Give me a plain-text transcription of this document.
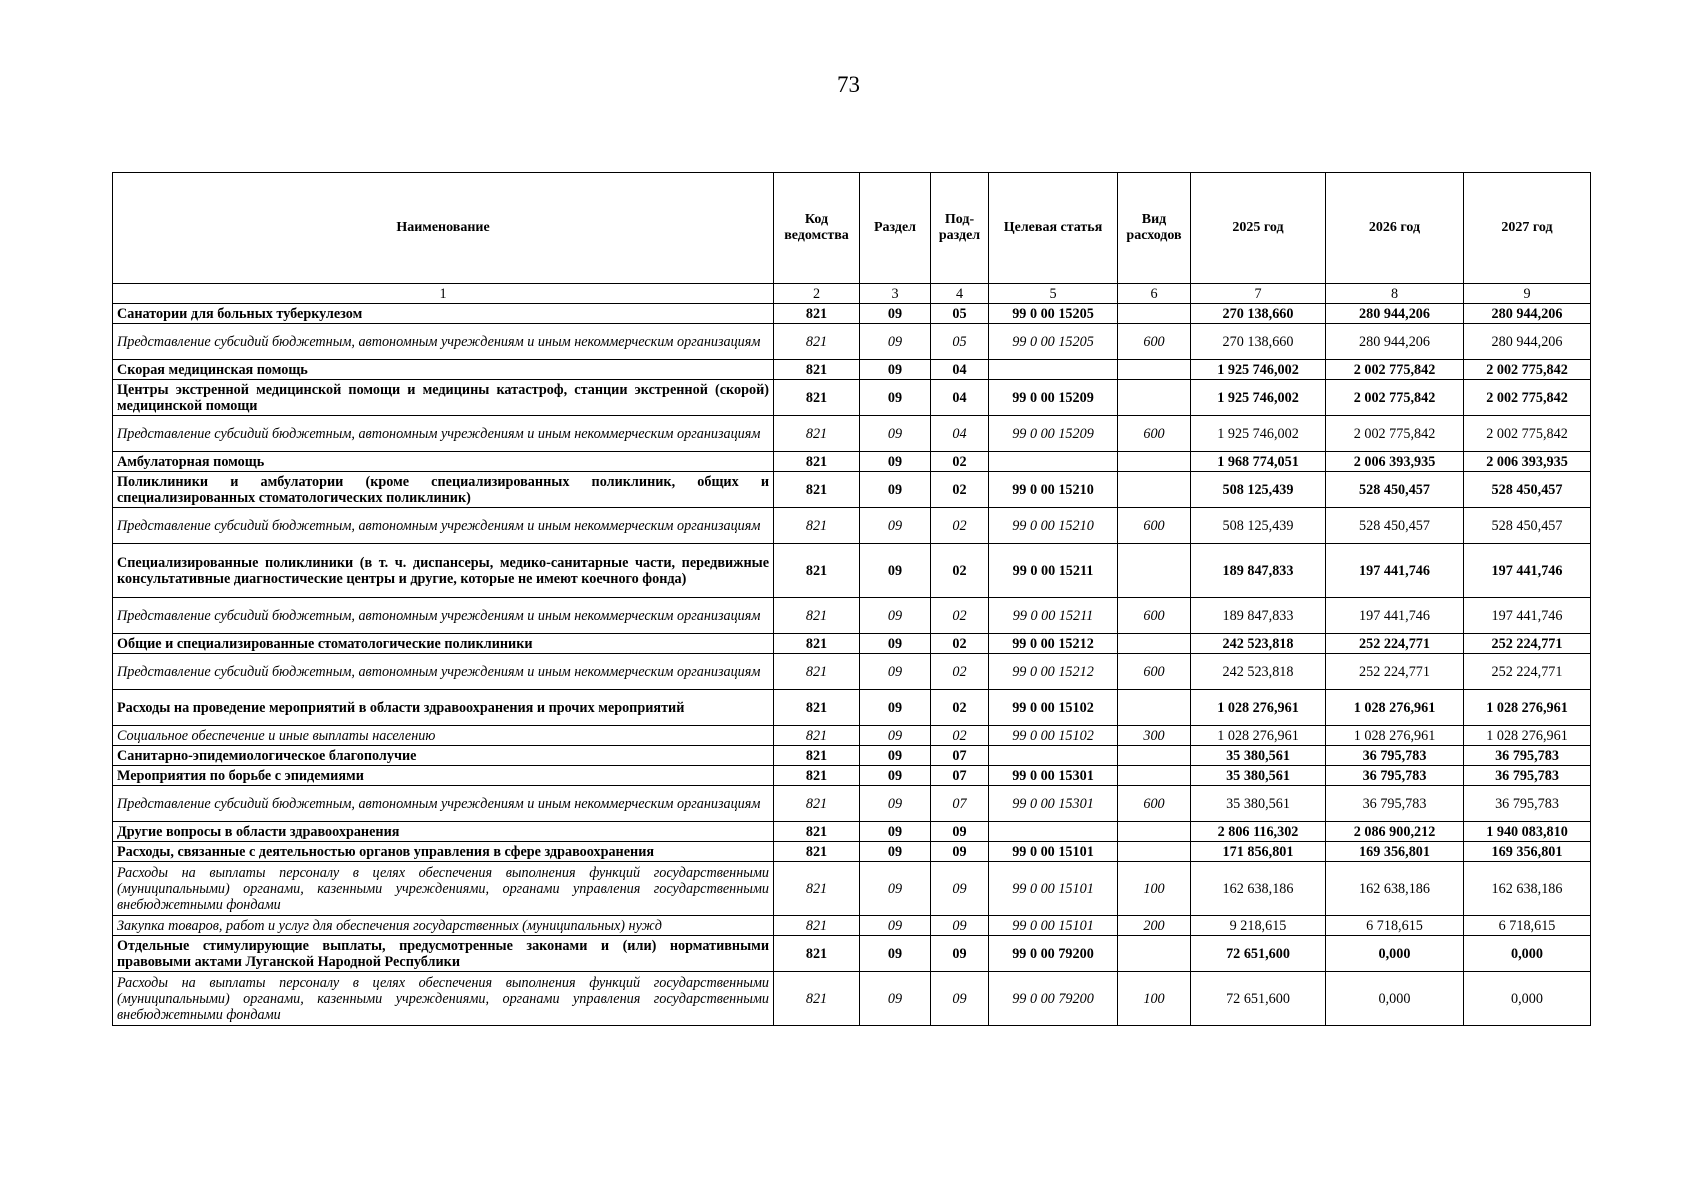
73
Наименование	Код ведомства	Раздел	Под-раздел	Целевая статья	Вид расходов	2025 год	2026 год	2027 год
1	2	3	4	5	6	7	8	9
Санатории для больных туберкулезом	821	09	05	99 0 00 15205		270 138,660	280 944,206	280 944,206
Представление субсидий бюджетным, автономным учреждениям и иным некоммерческим организациям	821	09	05	99 0 00 15205	600	270 138,660	280 944,206	280 944,206
Скорая медицинская помощь	821	09	04			1 925 746,002	2 002 775,842	2 002 775,842
Центры экстренной медицинской помощи и медицины катастроф, станции экстренной (скорой) медицинской помощи	821	09	04	99 0 00 15209		1 925 746,002	2 002 775,842	2 002 775,842
Представление субсидий бюджетным, автономным учреждениям и иным некоммерческим организациям	821	09	04	99 0 00 15209	600	1 925 746,002	2 002 775,842	2 002 775,842
Амбулаторная помощь	821	09	02			1 968 774,051	2 006 393,935	2 006 393,935
Поликлиники и амбулатории (кроме специализированных поликлиник, общих и специализированных стоматологических поликлиник)	821	09	02	99 0 00 15210		508 125,439	528 450,457	528 450,457
Представление субсидий бюджетным, автономным учреждениям и иным некоммерческим организациям	821	09	02	99 0 00 15210	600	508 125,439	528 450,457	528 450,457
Специализированные поликлиники (в т. ч. диспансеры, медико-санитарные части, передвижные консультативные диагностические центры и другие, которые не имеют коечного фонда)	821	09	02	99 0 00 15211		189 847,833	197 441,746	197 441,746
Представление субсидий бюджетным, автономным учреждениям и иным некоммерческим организациям	821	09	02	99 0 00 15211	600	189 847,833	197 441,746	197 441,746
Общие и специализированные стоматологические поликлиники	821	09	02	99 0 00 15212		242 523,818	252 224,771	252 224,771
Представление субсидий бюджетным, автономным учреждениям и иным некоммерческим организациям	821	09	02	99 0 00 15212	600	242 523,818	252 224,771	252 224,771
Расходы на проведение мероприятий в области здравоохранения и прочих мероприятий	821	09	02	99 0 00 15102		1 028 276,961	1 028 276,961	1 028 276,961
Социальное обеспечение и иные выплаты населению	821	09	02	99 0 00 15102	300	1 028 276,961	1 028 276,961	1 028 276,961
Санитарно-эпидемиологическое благополучие	821	09	07			35 380,561	36 795,783	36 795,783
Мероприятия по борьбе с эпидемиями	821	09	07	99 0 00 15301		35 380,561	36 795,783	36 795,783
Представление субсидий бюджетным, автономным учреждениям и иным некоммерческим организациям	821	09	07	99 0 00 15301	600	35 380,561	36 795,783	36 795,783
Другие вопросы в области здравоохранения	821	09	09			2 806 116,302	2 086 900,212	1 940 083,810
Расходы, связанные с деятельностью органов управления в сфере здравоохранения	821	09	09	99 0 00 15101		171 856,801	169 356,801	169 356,801
Расходы на выплаты персоналу в целях обеспечения выполнения функций государственными (муниципальными) органами, казенными учреждениями, органами управления государственными внебюджетными фондами	821	09	09	99 0 00 15101	100	162 638,186	162 638,186	162 638,186
Закупка товаров, работ и услуг для обеспечения государственных (муниципальных) нужд	821	09	09	99 0 00 15101	200	9 218,615	6 718,615	6 718,615
Отдельные стимулирующие выплаты, предусмотренные законами и (или) нормативными правовыми актами Луганской Народной Республики	821	09	09	99 0 00 79200		72 651,600	0,000	0,000
Расходы на выплаты персоналу в целях обеспечения выполнения функций государственными (муниципальными) органами, казенными учреждениями, органами управления государственными внебюджетными фондами	821	09	09	99 0 00 79200	100	72 651,600	0,000	0,000
